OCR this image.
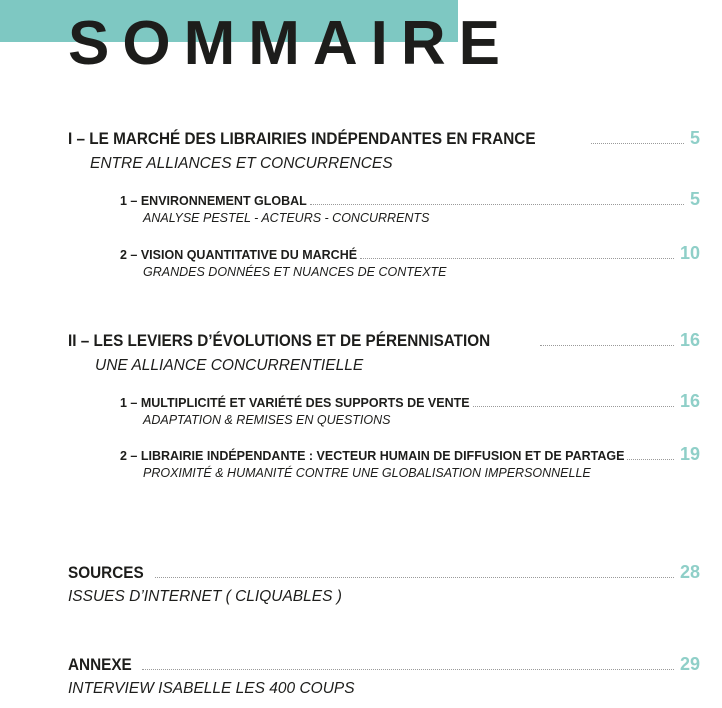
SOMMAIRE
I – LE MARCHÉ DES LIBRAIRIES INDÉPENDANTES EN FRANCE	5
ENTRE ALLIANCES ET CONCURRENCES
1 – ENVIRONNEMENT GLOBAL	5
ANALYSE PESTEL - ACTEURS - CONCURRENTS
2 – VISION QUANTITATIVE DU MARCHÉ	10
GRANDES DONNÉES ET NUANCES DE CONTEXTE
II – LES LEVIERS D’ÉVOLUTIONS ET DE PÉRENNISATION	16
UNE ALLIANCE CONCURRENTIELLE
1 – MULTIPLICITÉ ET VARIÉTÉ DES SUPPORTS DE VENTE	16
ADAPTATION & REMISES EN QUESTIONS
2 – LIBRAIRIE INDÉPENDANTE : VECTEUR HUMAIN DE DIFFUSION ET DE PARTAGE	19
PROXIMITÉ & HUMANITÉ CONTRE UNE GLOBALISATION IMPERSONNELLE
SOURCES	28
ISSUES D’INTERNET ( CLIQUABLES )
ANNEXE	29
INTERVIEW ISABELLE LES 400 COUPS
